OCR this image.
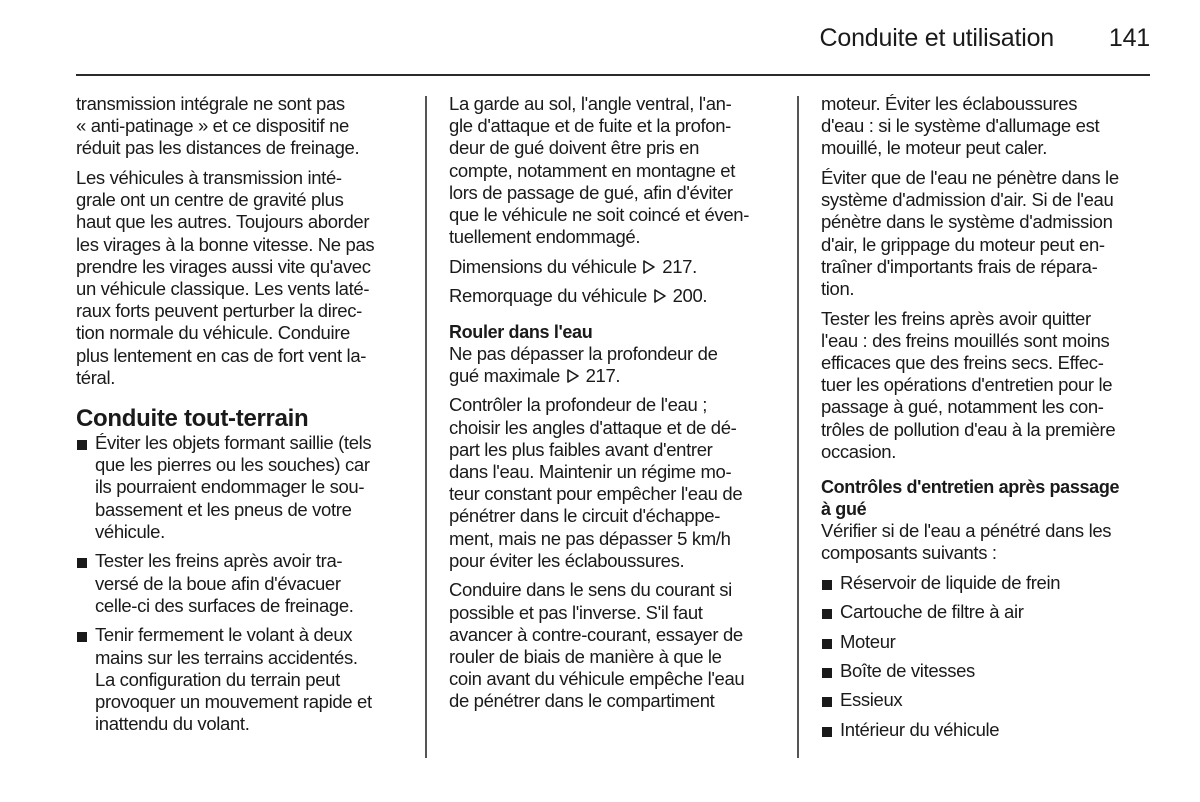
Conduite et utilisation 141

transmission intégrale ne sont pas
« anti-patinage » et ce dispositif ne
réduit pas les distances de freinage.

Les véhicules à transmission inté-
grale ont un centre de gravité plus
haut que les autres. Toujours aborder
les virages à la bonne vitesse. Ne pas
prendre les virages aussi vite qu'avec
un véhicule classique. Les vents laté-
raux forts peuvent perturber la direc-
tion normale du véhicule. Conduire
plus lentement en cas de fort vent la-
téral.

Conduite tout-terrain
Éviter les objets formant saillie (tels
que les pierres ou les souches) car
ils pourraient endommager le sou-
bassement et les pneus de votre
véhicule.
Tester les freins après avoir tra-
versé de la boue afin d'évacuer
celle-ci des surfaces de freinage.
Tenir fermement le volant à deux
mains sur les terrains accidentés.
La configuration du terrain peut
provoquer un mouvement rapide et
inattendu du volant.

La garde au sol, l'angle ventral, l'an-
gle d'attaque et de fuite et la profon-
deur de gué doivent être pris en
compte, notamment en montagne et
lors de passage de gué, afin d'éviter
que le véhicule ne soit coincé et éven-
tuellement endommagé.

Dimensions du véhicule 217.

Remorquage du véhicule 200.

Rouler dans l'eau

Ne pas dépasser la profondeur de
gué maximale 217.

Contrôler la profondeur de l'eau ;
choisir les angles d'attaque et de dé-
part les plus faibles avant d'entrer
dans l'eau. Maintenir un régime mo-
teur constant pour empêcher l'eau de
pénétrer dans le circuit d'échappe-
ment, mais ne pas dépasser 5 km/h
pour éviter les éclaboussures.

Conduire dans le sens du courant si
possible et pas l'inverse. S'il faut
avancer à contre-courant, essayer de
rouler de biais de manière à que le
coin avant du véhicule empêche l'eau
de pénétrer dans le compartiment

moteur. Éviter les éclaboussures
d'eau : si le système d'allumage est
mouillé, le moteur peut caler.

Éviter que de l'eau ne pénètre dans le
système d'admission d'air. Si de l'eau
pénètre dans le système d'admission
d'air, le grippage du moteur peut en-
traîner d'importants frais de répara-
tion.

Tester les freins après avoir quitter
l'eau : des freins mouillés sont moins
efficaces que des freins secs. Effec-
tuer les opérations d'entretien pour le
passage à gué, notamment les con-
trôles de pollution d'eau à la première
occasion.

Contrôles d'entretien après passage
à gué

Vérifier si de l'eau a pénétré dans les
composants suivants :

Réservoir de liquide de frein
Cartouche de filtre à air
Moteur
Boîte de vitesses
Essieux
Intérieur du véhicule
